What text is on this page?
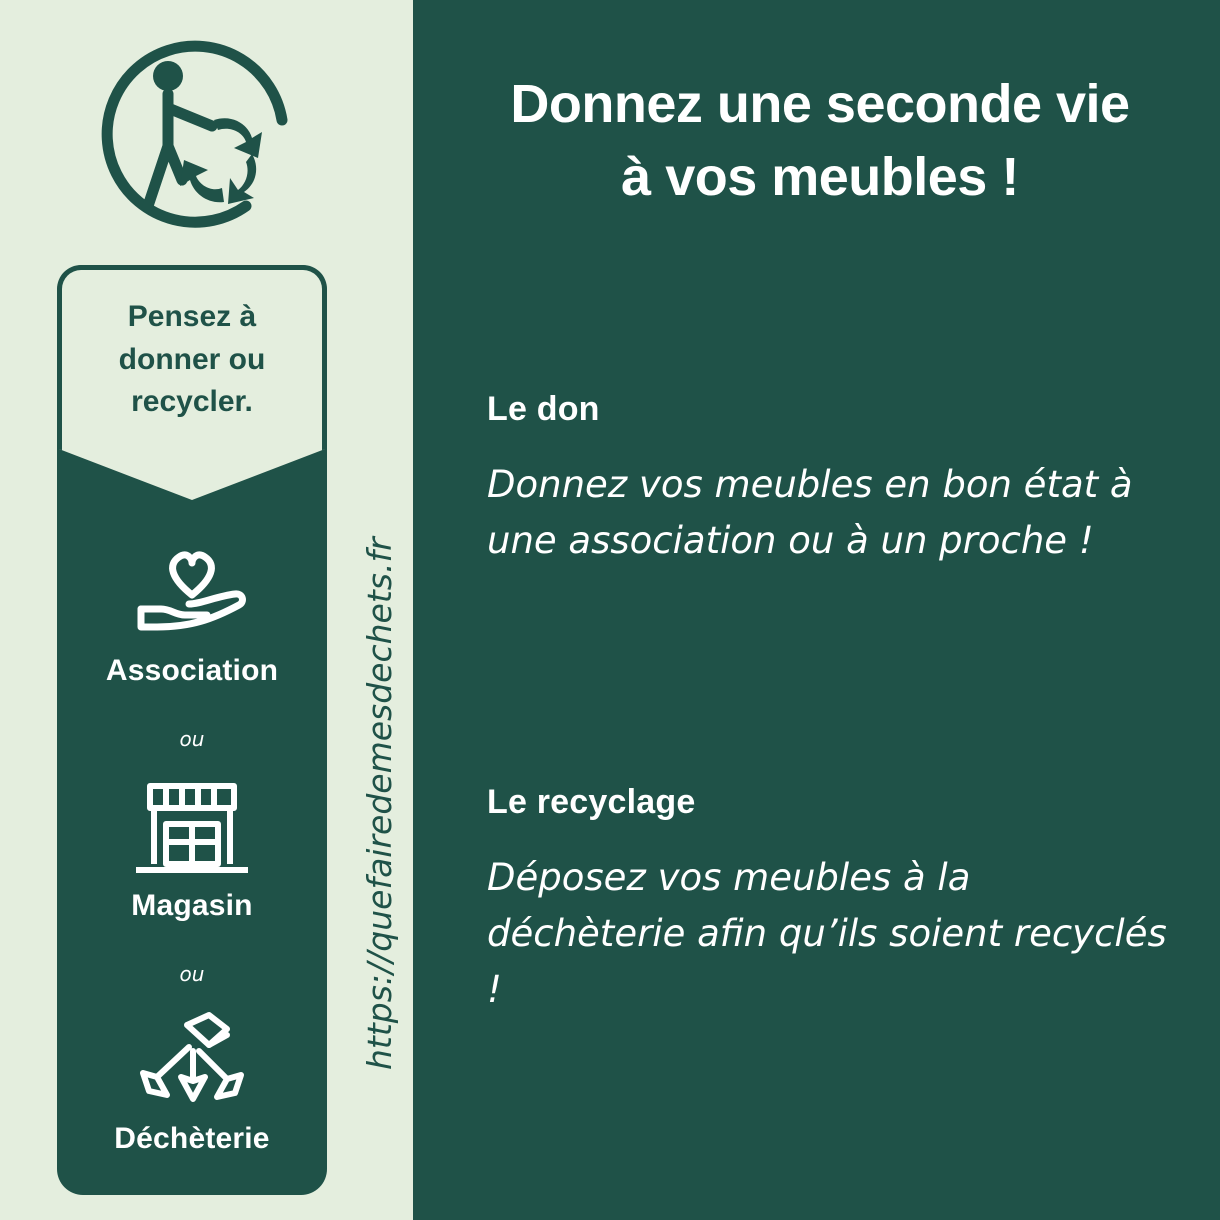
Donnez une seconde vie
à vos meubles !
Pensez à
donner ou
recycler.
Association
ou
Magasin
ou
Déchèterie
https://quefairedemesdechets.fr
Le don

Donnez vos meubles en bon état à une association ou à un proche !

Le recyclage

Déposez vos meubles à la déchèterie afin qu’ils soient recyclés !
